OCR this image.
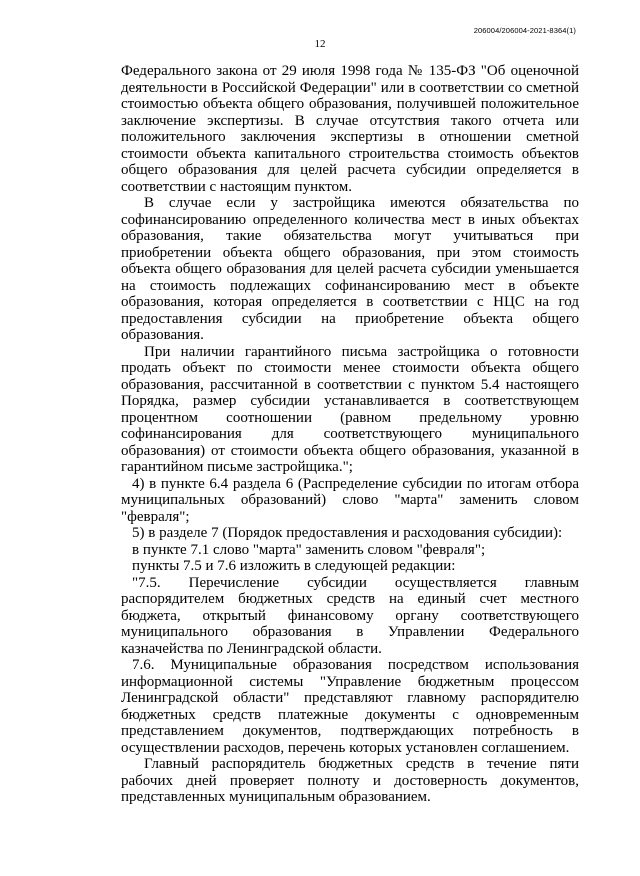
206004/206004-2021-8364(1)
12

Федерального закона от 29 июля 1998 года № 135-ФЗ "Об оценочной деятельности в Российской Федерации" или в соответствии со сметной стоимостью объекта общего образования, получившей положительное заключение экспертизы. В случае отсутствия такого отчета или положительного заключения экспертизы в отношении сметной стоимости объекта капитального строительства стоимость объектов общего образования для целей расчета субсидии определяется в соответствии с настоящим пунктом.

В случае если у застройщика имеются обязательства по софинансированию определенного количества мест в иных объектах образования, такие обязательства могут учитываться при приобретении объекта общего образования, при этом стоимость объекта общего образования для целей расчета субсидии уменьшается на стоимость подлежащих софинансированию мест в объекте образования, которая определяется в соответствии с НЦС на год предоставления субсидии на приобретение объекта общего образования.

При наличии гарантийного письма застройщика о готовности продать объект по стоимости менее стоимости объекта общего образования, рассчитанной в соответствии с пунктом 5.4 настоящего Порядка, размер субсидии устанавливается в соответствующем процентном соотношении (равном предельному уровню софинансирования для соответствующего муниципального образования) от стоимости объекта общего образования, указанной в гарантийном письме застройщика.";

4) в пункте 6.4 раздела 6 (Распределение субсидии по итогам отбора муниципальных образований) слово "марта" заменить словом "февраля";

5) в разделе 7 (Порядок предоставления и расходования субсидии):

в пункте 7.1 слово "марта" заменить словом "февраля";

пункты 7.5 и 7.6 изложить в следующей редакции:

"7.5. Перечисление субсидии осуществляется главным распорядителем бюджетных средств на единый счет местного бюджета, открытый финансовому органу соответствующего муниципального образования в Управлении Федерального казначейства по Ленинградской области.

7.6. Муниципальные образования посредством использования информационной системы "Управление бюджетным процессом Ленинградской области" представляют главному распорядителю бюджетных средств платежные документы с одновременным представлением документов, подтверждающих потребность в осуществлении расходов, перечень которых установлен соглашением.

Главный распорядитель бюджетных средств в течение пяти рабочих дней проверяет полноту и достоверность документов, представленных муниципальным образованием.
